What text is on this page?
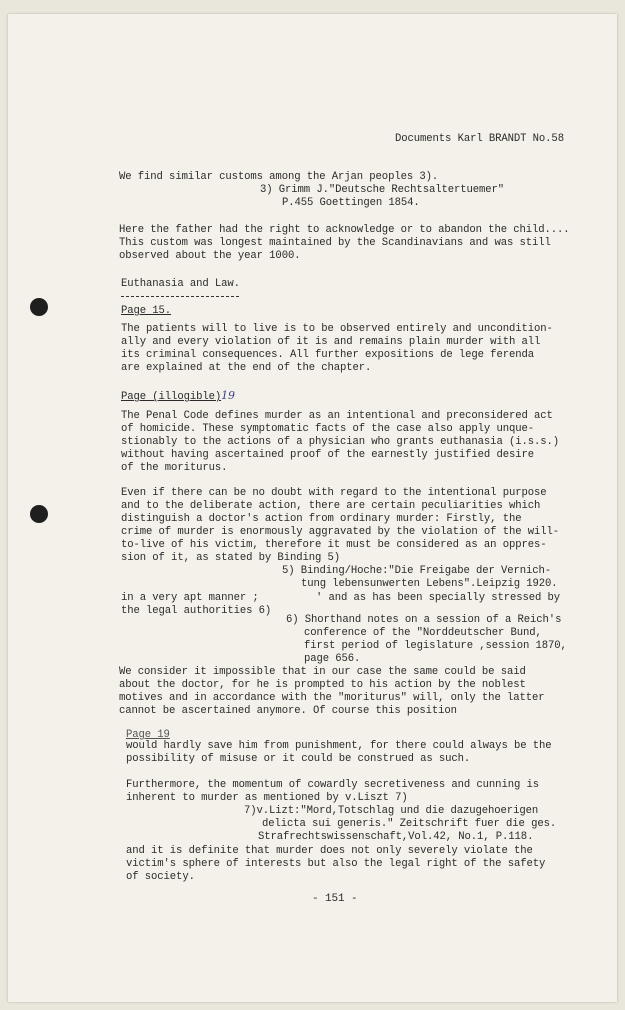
Documents Karl BRANDT No.58
We find similar customs among the Arjan peoples 3).
3) Grimm J."Deutsche Rechtsaltertuemer"
P.455 Goettingen 1854.
Here the father had the right to acknowledge or to abandon the child....
This custom was longest maintained by the Scandinavians and was still
observed about the year 1000.
Euthanasia and Law.
The patients will to live is to be observed entirely and uncondition-
ally and every violation of it is and remains plain murder with all
its criminal consequences. All further expositions de lege ferenda
are explained at the end of the chapter.
The Penal Code defines murder as an intentional and preconsidered act
of homicide. These symptomatic facts of the case also apply unque-
stionably to the actions of a physician who grants euthanasia (i.s.s.)
without having ascertained proof of the earnestly justified desire
of the moriturus.
Even if there can be no doubt with regard to the intentional purpose
and to the deliberate action, there are certain peculiarities which
distinguish a doctor's action from ordinary murder: Firstly, the
crime of murder is enormously aggravated by the violation of the will-
to-live of his victim, therefore it must be considered as an oppres-
sion of it, as stated by Binding 5)
5) Binding/Hoche:"Die Freigabe der Vernich-
tung lebensunwerten Lebens".Leipzig 1920.
in a very apt manner ;	' and as has been specially stressed by
the legal authorities 6)
6) Shorthand notes on a session of a Reich's
conference of the "Norddeutscher Bund,
first period of legislature ,session 1870,
page 656.
We consider it impossible that in our case the same could be said
about the doctor, for he is prompted to his action by the noblest
motives and in accordance with the "moriturus" will, only the latter
cannot be ascertained anymore. Of course this position
would hardly save him from punishment, for there could always be the
possibility of misuse or it could be construed as such.
Furthermore, the momentum of cowardly secretiveness and cunning is
inherent to murder as mentioned by v.Liszt 7)
7)v.Lizt:"Mord,Totschlag und die dazugehoerigen
delicta sui generis." Zeitschrift fuer die ges.
Strafrechtswissenschaft,Vol.42, No.1, P.118.
and it is definite that murder does not only severely violate the
victim's sphere of interests but also the legal right of the safety
of society.
Page 15.
Page (illogible)19
Page 19
- 151 -
